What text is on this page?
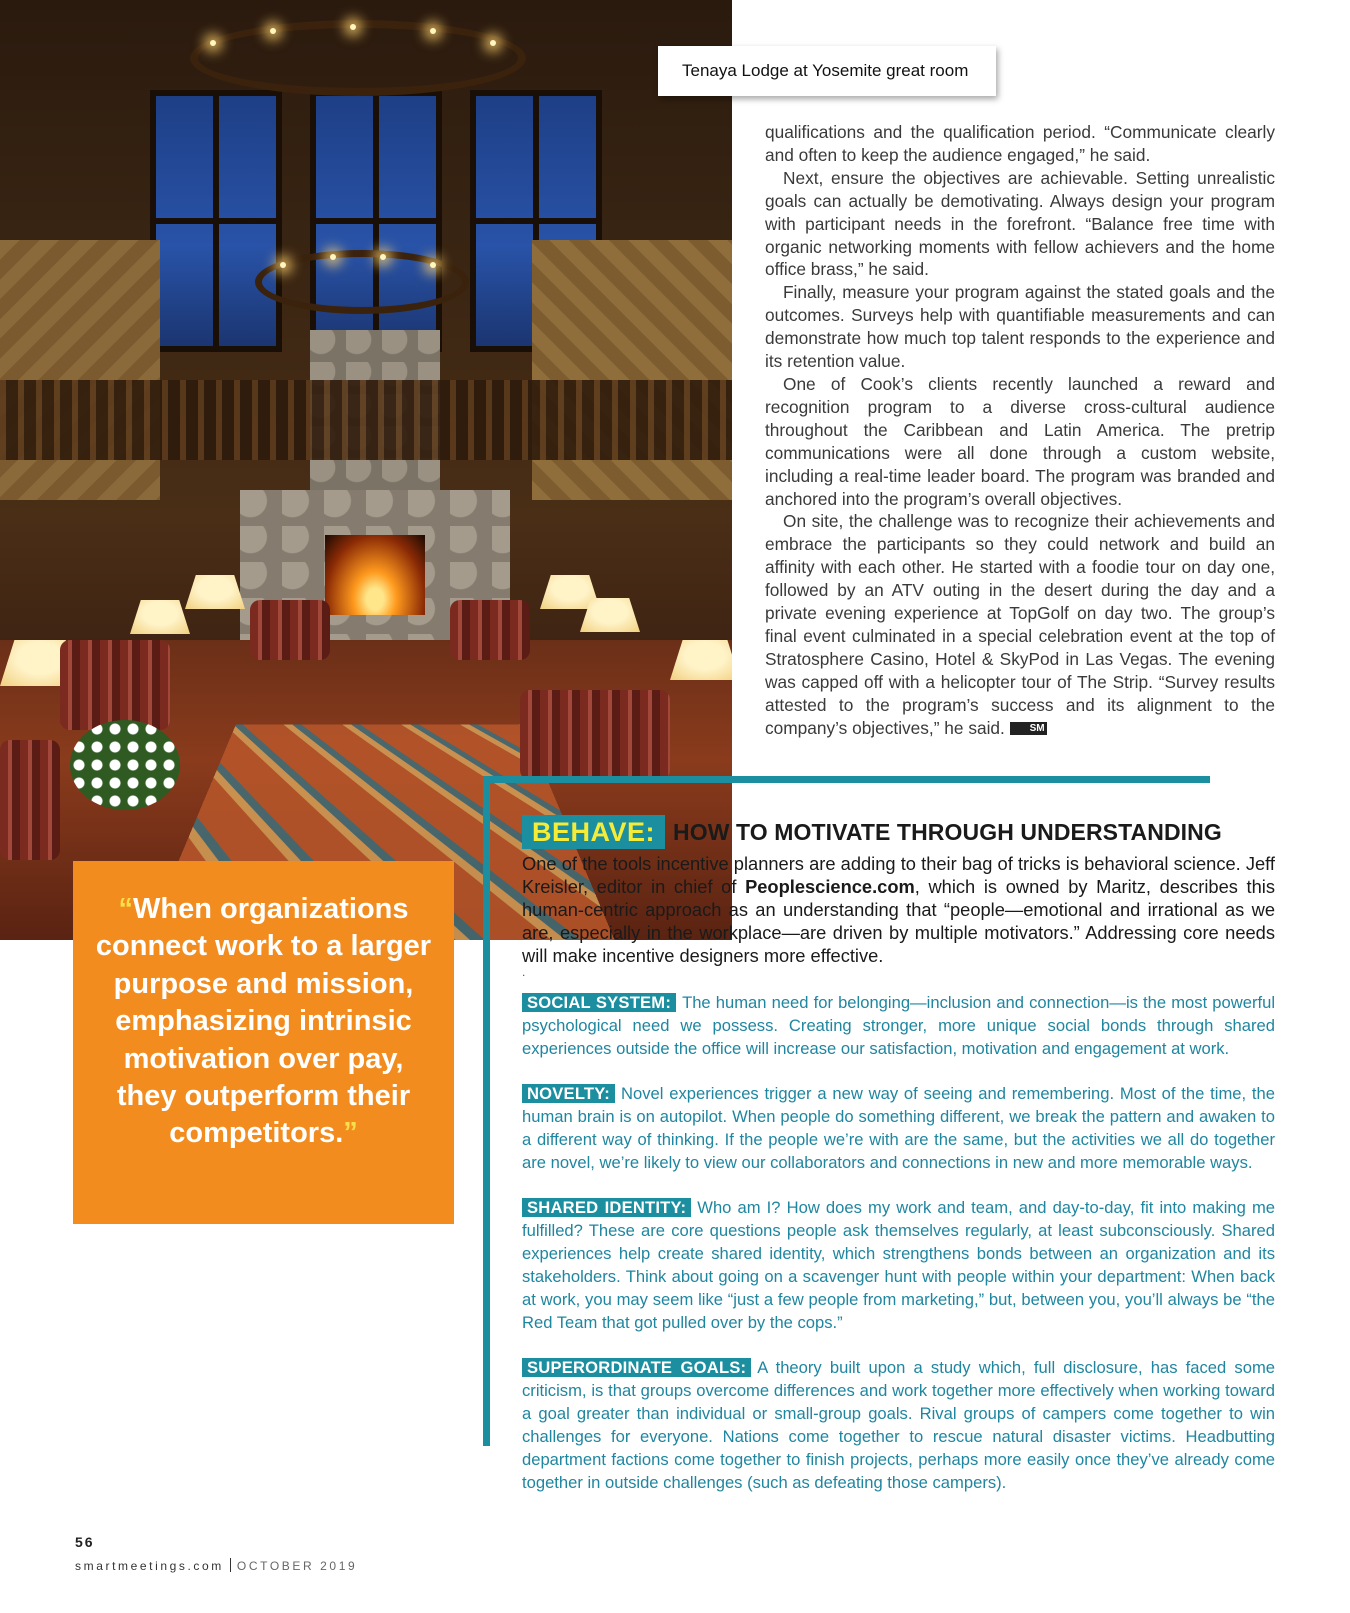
Tenaya Lodge at Yosemite great room

qualifications and the qualification period. “Communicate clearly and often to keep the audience engaged,” he said.

Next, ensure the objectives are achievable. Setting unrealistic goals can actually be demotivating. Always design your program with participant needs in the forefront. “Balance free time with organic networking moments with fellow achievers and the home office brass,” he said.

Finally, measure your program against the stated goals and the outcomes. Surveys help with quantifiable measurements and can demonstrate how much top talent responds to the experience and its retention value.

One of Cook’s clients recently launched a reward and recognition program to a diverse cross-cultural audience throughout the Caribbean and Latin America. The pretrip communications were all done through a custom website, including a real-time leader board. The program was branded and anchored into the program’s overall objectives.

On site, the challenge was to recognize their achievements and embrace the participants so they could network and build an affinity with each other. He started with a foodie tour on day one, followed by an ATV outing in the desert during the day and a private evening experience at TopGolf on day two. The group’s final event culminated in a special celebration event at the top of Stratosphere Casino, Hotel & SkyPod in Las Vegas. The evening was capped off with a helicopter tour of The Strip. “Survey results attested to the program’s success and its alignment to the company’s objectives,” he said. SM

BEHAVE: HOW TO MOTIVATE THROUGH UNDERSTANDING
One of the tools incentive planners are adding to their bag of tricks is behavioral science. Jeff Kreisler, editor in chief of Peoplescience.com, which is owned by Maritz, describes this human-centric approach as an understanding that “people—emotional and irrational as we are, especially in the workplace—are driven by multiple motivators.” Addressing core needs will make incentive designers more effective.
.
SOCIAL SYSTEM: The human need for belonging—inclusion and connection—is the most powerful psychological need we possess. Creating stronger, more unique social bonds through shared experiences outside the office will increase our satisfaction, motivation and engagement at work.
NOVELTY: Novel experiences trigger a new way of seeing and remembering. Most of the time, the human brain is on autopilot. When people do something different, we break the pattern and awaken to a different way of thinking. If the people we’re with are the same, but the activities we all do together are novel, we’re likely to view our collaborators and connections in new and more memorable ways.
SHARED IDENTITY: Who am I? How does my work and team, and day-to-day, fit into making me fulfilled? These are core questions people ask themselves regularly, at least subconsciously. Shared experiences help create shared identity, which strengthens bonds between an organization and its stakeholders. Think about going on a scavenger hunt with people within your department: When back at work, you may seem like “just a few people from marketing,” but, between you, you’ll always be “the Red Team that got pulled over by the cops.”
SUPERORDINATE GOALS: A theory built upon a study which, full disclosure, has faced some criticism, is that groups overcome differences and work together more effectively when working toward a goal greater than individual or small-group goals. Rival groups of campers come together to win challenges for everyone. Nations come together to rescue natural disaster victims. Headbutting department factions come together to finish projects, perhaps more easily once they’ve already come together in outside challenges (such as defeating those campers).
“When organizations connect work to a larger purpose and mission, emphasizing intrinsic motivation over pay, they outperform their competitors.”
56
smartmeetings.com OCTOBER 2019
